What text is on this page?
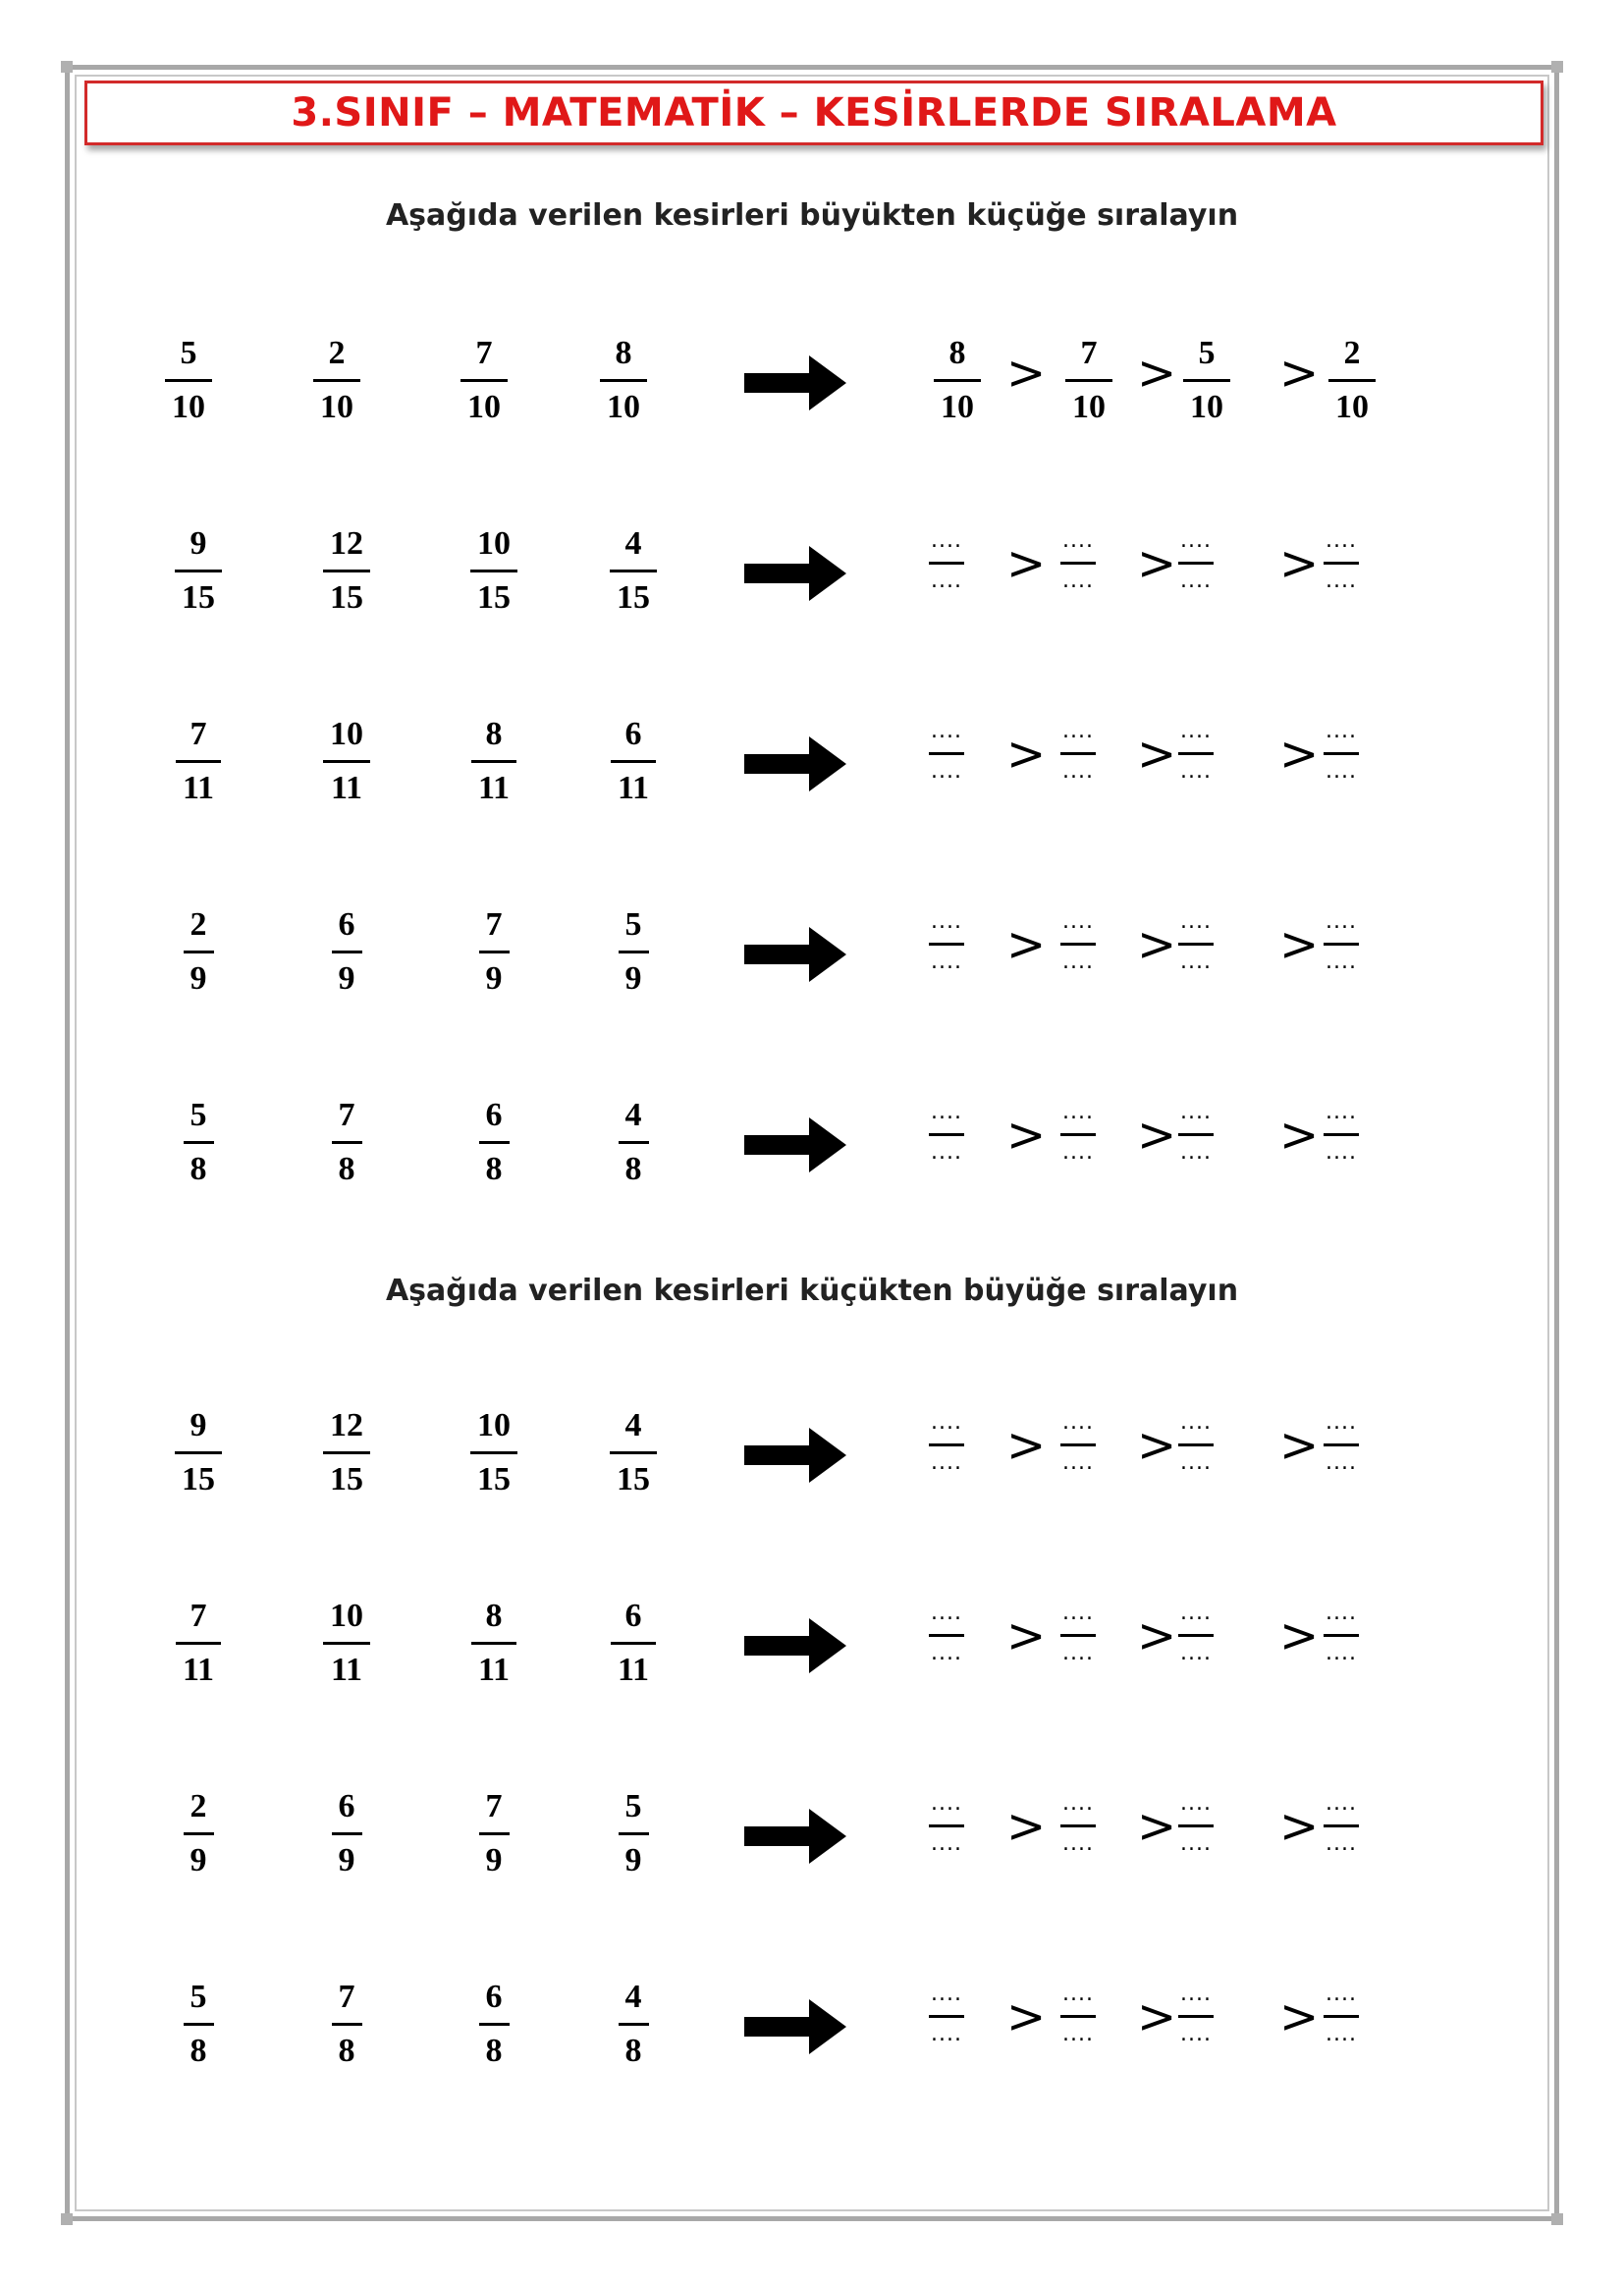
3.SINIF – MATEMATİK – KESİRLERDE SIRALAMA
Aşağıda verilen kesirleri büyükten küçüğe sıralayın
Aşağıda verilen kesirleri küçükten büyüğe sıralayın
5
10
2
10
7
10
8
10
8
10
7
10
5
10
2
10
> > >
9
15
12
15
10
15
4
15
....
....
....
....
....
....
....
....
> > >
7
11
10
11
8
11
6
11
....
....
....
....
....
....
....
....
> > >
2
9
6
9
7
9
5
9
....
....
....
....
....
....
....
....
> > >
5
8
7
8
6
8
4
8
....
....
....
....
....
....
....
....
> > >
9
15
12
15
10
15
4
15
....
....
....
....
....
....
....
....
> > >
7
11
10
11
8
11
6
11
....
....
....
....
....
....
....
....
> > >
2
9
6
9
7
9
5
9
....
....
....
....
....
....
....
....
> > >
5
8
7
8
6
8
4
8
....
....
....
....
....
....
....
....
> > >
